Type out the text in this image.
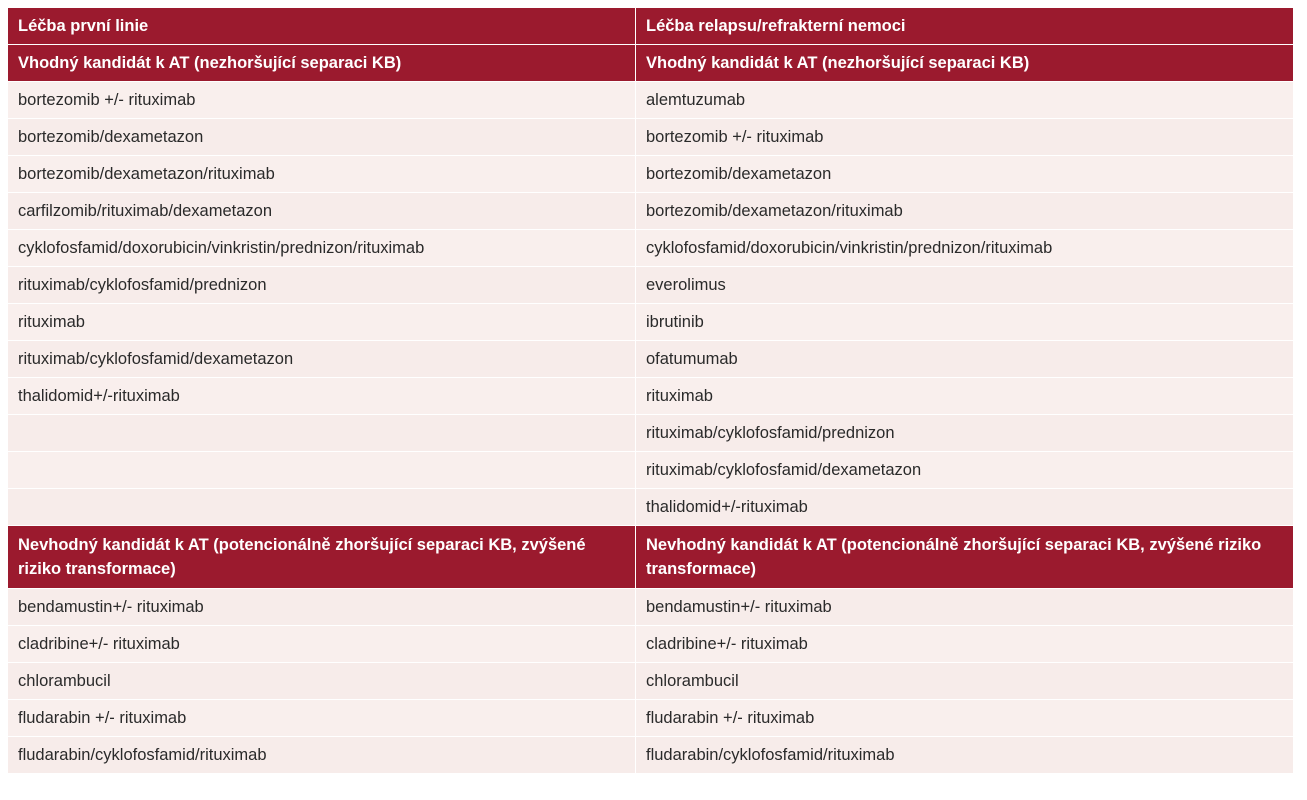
Léčba první linie	Léčba relapsu/refrakterní nemoci
Vhodný kandidát k AT (nezhoršující separaci KB)	Vhodný kandidát k AT (nezhoršující separaci KB)
bortezomib +/- rituximab	alemtuzumab
bortezomib/dexametazon	bortezomib +/- rituximab
bortezomib/dexametazon/rituximab	bortezomib/dexametazon
carfilzomib/rituximab/dexametazon	bortezomib/dexametazon/rituximab
cyklofosfamid/doxorubicin/vinkristin/prednizon/rituximab	cyklofosfamid/doxorubicin/vinkristin/prednizon/rituximab
rituximab/cyklofosfamid/prednizon	everolimus
rituximab	ibrutinib
rituximab/cyklofosfamid/dexametazon	ofatumumab
thalidomid+/-rituximab	rituximab
	rituximab/cyklofosfamid/prednizon
	rituximab/cyklofosfamid/dexametazon
	thalidomid+/-rituximab
Nevhodný kandidát k AT (potencionálně zhoršující separaci KB, zvýšené riziko transformace)	Nevhodný kandidát k AT (potencionálně zhoršující separaci KB, zvýšené riziko transformace)
bendamustin+/- rituximab	bendamustin+/- rituximab
cladribine+/- rituximab	cladribine+/- rituximab
chlorambucil	chlorambucil
fludarabin +/- rituximab	fludarabin +/- rituximab
fludarabin/cyklofosfamid/rituximab	fludarabin/cyklofosfamid/rituximab
